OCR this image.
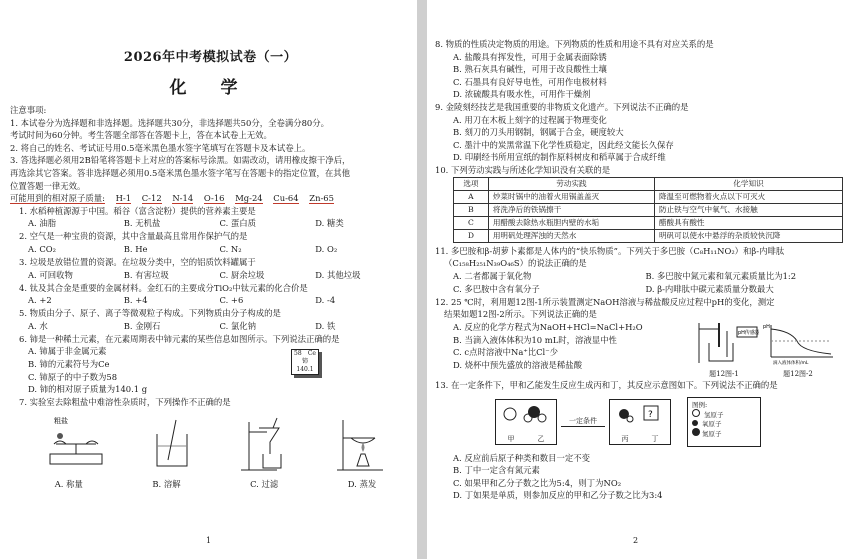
2026年中考模拟试卷（一）
化 学
注意事项:
1. 本试卷分为选择题和非选择题。选择题共30分，非选择题共50分，全卷满分80分。
考试时间为60分钟。考生答题全部答在答题卡上，答在本试卷上无效。
2. 将自己的姓名、考试证号用0.5毫米黑色墨水签字笔填写在答题卡及本试卷上。
3. 答选择题必须用2B铅笔将答题卡上对应的答案标号涂黑。如需改动，请用橡皮擦干净后，
再选涂其它答案。答非选择题必须用0.5毫米黑色墨水签字笔写在答题卡的指定位置，在其他
位置答题一律无效。
可能用到的相对原子质量: H-1 C-12 N-14 O-16 Mg-24 Cu-64 Zn-65
1. 水稻种植源源于中国。稻谷（富含淀粉）提供的营养素主要是
A. 油脂	B. 无机盐	C. 蛋白质	D. 糖类
2. 空气是一种宝贵的资源，其中含量最高且常用作保护气的是
A. CO₂	B. He	C. N₂	D. O₂
3. 垃圾是放错位置的资源。在垃圾分类中，空的铝质饮料罐属于
A. 可回收物	B. 有害垃圾	C. 厨余垃圾	D. 其他垃圾
4. 钛及其合金是重要的金属材料。金红石的主要成分TiO₂中钛元素的化合价是
A. +2	B. +4	C. +6	D. -4
5. 物质由分子、原子、离子等微观粒子构成。下列物质由分子构成的是
A. 水	B. 金刚石	C. 氯化钠	D. 铁
6. 铈是一种稀土元素，在元素周期表中铈元素的某些信息如图所示。下列说法正确的是
A. 铈属于非金属元素
B. 铈的元素符号为Ce
C. 铈原子的中子数为58
D. 铈的相对原子质量为140.1 g
58 Ce
铈
140.1
7. 实验室去除粗盐中难溶性杂质时，下列操作不正确的是
粗盐
A. 称量	B. 溶解	C. 过滤	D. 蒸发
1
8. 物质的性质决定物质的用途。下列物质的性质和用途不具有对应关系的是
A. 盐酸具有挥发性，可用于金属表面除锈
B. 熟石灰具有碱性，可用于改良酸性土壤
C. 石墨具有良好导电性，可用作电极材料
D. 浓硫酸具有吸水性，可用作干燥剂
9. 金陵刻经技艺是我国重要的非物质文化遗产。下列说法不正确的是
A. 用刀在木板上刻字的过程属于物理变化
B. 刻刀的刀头用钢制，钢属于合金，硬度较大
C. 墨汁中的炭黑常温下化学性质稳定，因此经文能长久保存
D. 印刷经书所用宣纸的制作原料树皮和稻草属于合成纤维
10. 下列劳动实践与所述化学知识没有关联的是
选项	劳动实践	化学知识
A	炒菜时锅中的油着火用锅盖盖灭	降温至可燃物着火点以下可灭火
B	将洗净后的铁锅擦干	防止铁与空气中氧气、水接触
C	用醋酸去除热水瓶胆内壁的水垢	醋酸具有酸性
D	用明矾处理浑浊的天然水	明矾可以使水中悬浮的杂质较快沉降
11. 多巴胺和β-胡萝卜素都是人体内的“快乐物质”。下列关于多巴胺（C₈H₁₁NO₂）和β-内啡肽
（C₁₅₈H₂₅₁N₃₉O₄₆S）的说法正确的是
A. 二者都属于氧化物	B. 多巴胺中氮元素和氧元素质量比为1:2
C. 多巴胺中含有氧分子	D. β-内啡肽中碳元素质量分数最大
12. 25 ℃时，利用题12图-1所示装置测定NaOH溶液与稀盐酸反应过程中pH的变化，测定
结果如题12图-2所示。下列说法正确的是
A. 反应的化学方程式为NaOH+HCl=NaCl+H₂O
B. 当滴入液体体积为10 mL时，溶液显中性
C. c点时溶液中Na⁺比Cl⁻少
D. 烧杯中预先盛放的溶液是稀盐酸
pH传感器
题12图-1
pH
滴入液体体积/mL
题12图-2
13. 在一定条件下，甲和乙能发生反应生成丙和丁，其反应示意图如下。下列说法不正确的是
甲	乙
一定条件
?
丙	丁
图例:
氢原子
氧原子
氮原子
A. 反应前后原子种类和数目一定不变
B. 丁中一定含有氮元素
C. 如果甲和乙分子数之比为5:4，则丁为NO₂
D. 丁如果是单质，则参加反应的甲和乙分子数之比为3:4
2
